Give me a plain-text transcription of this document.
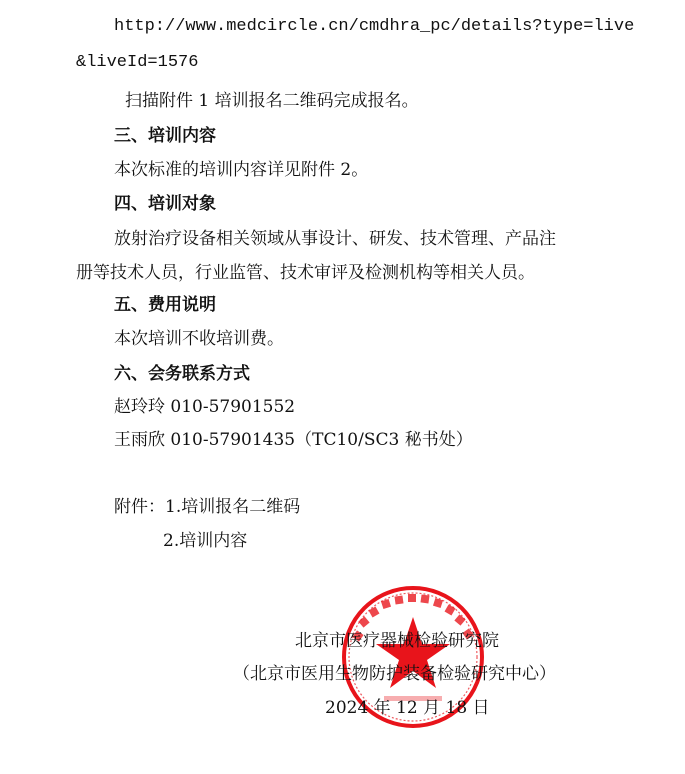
http://www.medcircle.cn/cmdhra_pc/details?type=live
&liveId=1576
扫描附件 1 培训报名二维码完成报名。
三、培训内容
本次标准的培训内容详见附件 2。
四、培训对象
放射治疗设备相关领域从事设计、研发、技术管理、产品注
册等技术人员，行业监管、技术审评及检测机构等相关人员。
五、费用说明
本次培训不收培训费。
六、会务联系方式
赵玲玲 010-57901552
王雨欣 010-57901435（TC10/SC3 秘书处）
附件：1.培训报名二维码
2.培训内容
北京市医疗器械检验研究院
（北京市医用生物防护装备检验研究中心）
2024 年 12 月 18 日
